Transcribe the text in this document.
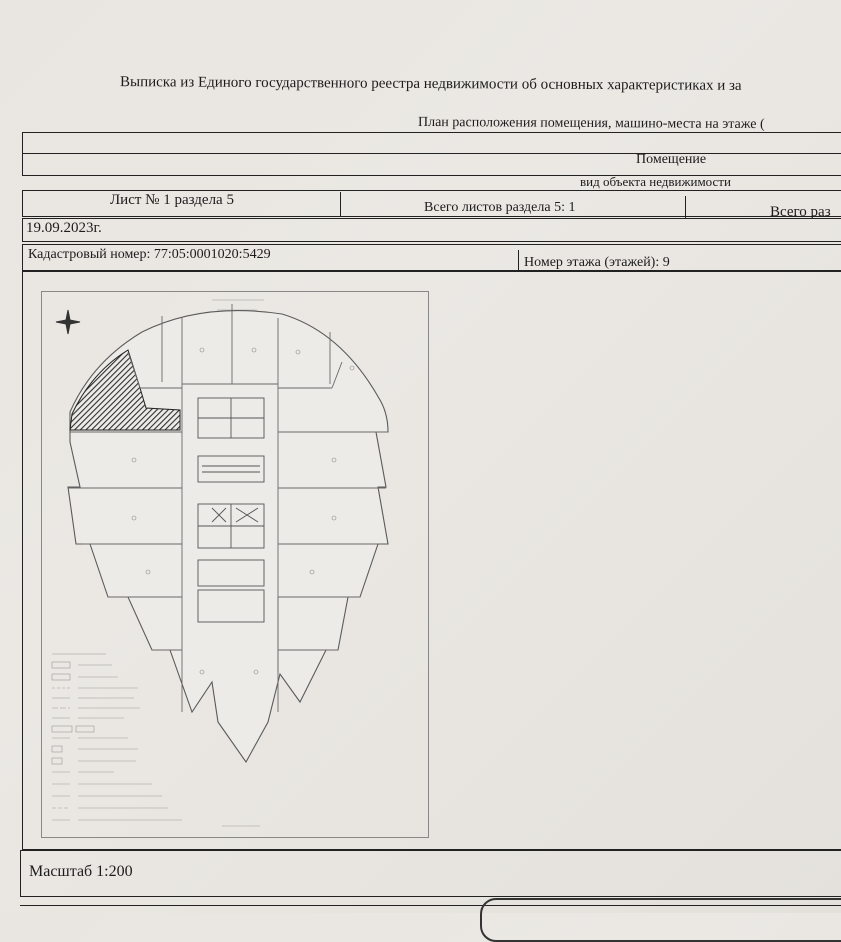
Выписка из Единого государственного реестра недвижимости об основных характеристиках и за
План расположения помещения, машино-места на этаже (
Помещение
вид объекта недвижимости
Лист № 1 раздела 5	Всего листов раздела 5: 1	Всего раз
19.09.2023г.
Кадастровый номер: 77:05:0001020:5429
Номер этажа (этажей): 9
Масштаб 1:200
